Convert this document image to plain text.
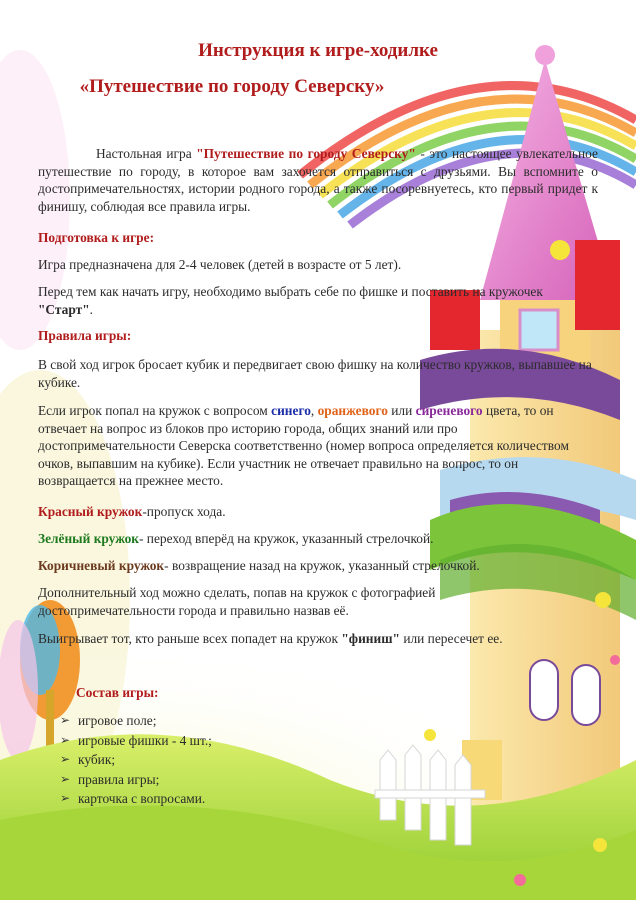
Инструкция к игре-ходилке
«Путешествие по городу Северску»
Настольная игра "Путешествие по городу Северску" - это настоящее увлекательное путешествие по городу, в которое вам захочется отправиться с друзьями. Вы вспомните о достопримечательностях, истории родного города, а также посоревнуетесь, кто первый придет к финишу, соблюдая все правила игры.
Подготовка к игре:
Игра предназначена для 2-4 человек (детей в возрасте от 5 лет).
Перед тем как начать игру, необходимо выбрать себе по фишке и поставить на кружочек "Старт".
Правила игры:
В свой ход игрок бросает кубик и передвигает свою фишку на количество кружков, выпавшее на кубике.
Если игрок попал на кружок с вопросом синего, оранжевого или сиреневого цвета, то он отвечает на вопрос из блоков про историю города, общих знаний или про достопримечательности Северска соответственно (номер вопроса определяется количеством очков, выпавшим на кубике). Если участник не отвечает правильно на вопрос, то он возвращается на прежнее место.
Красный кружок-пропуск хода.
Зелёный кружок- переход вперёд на кружок, указанный стрелочкой.
Коричневый кружок- возвращение назад на кружок, указанный стрелочкой.
Дополнительный ход можно сделать, попав на кружок с фотографией достопримечательности города и правильно назвав её.
Выигрывает тот, кто раньше всех попадет на кружок "финиш" или пересечет ее.
Состав игры:
➢ игровое поле;
➢ игровые фишки - 4 шт.;
➢ кубик;
➢ правила игры;
➢ карточка с вопросами.
